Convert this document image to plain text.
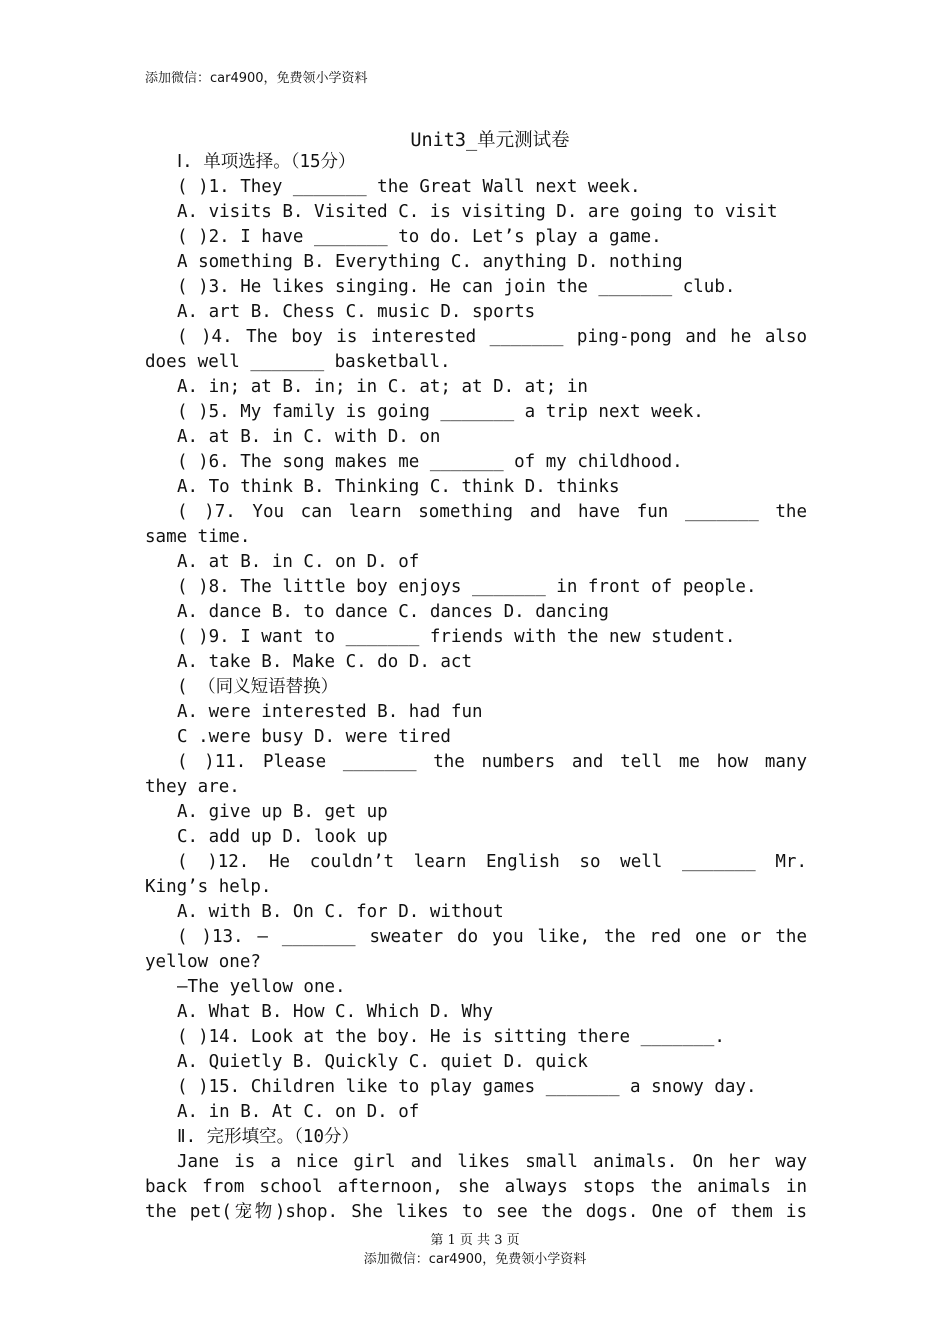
添加微信：car4900，免费领小学资料
Unit3_单元测试卷
Ⅰ. 单项选择。（15分）
( )1. They _______ the Great Wall next week.
A. visits B. Visited C. is visiting D. are going to visit
( )2. I have _______ to do. Let’s play a game.
A something B. Everything C. anything D. nothing
( )3. He likes singing. He can join the _______ club.
A. art B. Chess C. music D. sports
( )4. The boy is interested _______ ping-pong and he also
does well _______ basketball.
A. in; at B. in; in C. at; at D. at; in
( )5. My family is going _______ a trip next week.
A. at B. in C. with D. on
( )6. The song makes me _______ of my childhood.
A. To think B. Thinking C. think D. thinks
( )7. You can learn something and have fun _______ the
same time.
A. at B. in C. on D. of
( )8. The little boy enjoys _______ in front of people.
A. dance B. to dance C. dances D. dancing
( )9. I want to _______ friends with the new student.
A. take B. Make C. do D. act
( （同义短语替换）
A. were interested B. had fun
C .were busy D. were tired
( )11. Please _______ the numbers and tell me how many
they are.
A. give up B. get up
C. add up D. look up
( )12. He couldn’t learn English so well _______ Mr.
King’s help.
A. with B. On C. for D. without
( )13. — _______ sweater do you like, the red one or the
yellow one?
—The yellow one.
A. What B. How C. Which D. Why
( )14. Look at the boy. He is sitting there _______.
A. Quietly B. Quickly C. quiet D. quick
( )15. Children like to play games _______ a snowy day.
A. in B. At C. on D. of
Ⅱ. 完形填空。（10分）
Jane is a nice girl and likes small animals. On her way
back from school afternoon, she always stops the animals in
the pet(宠物)shop. She likes to see the dogs. One of them is
第 1 页 共 3 页
添加微信：car4900，免费领小学资料
